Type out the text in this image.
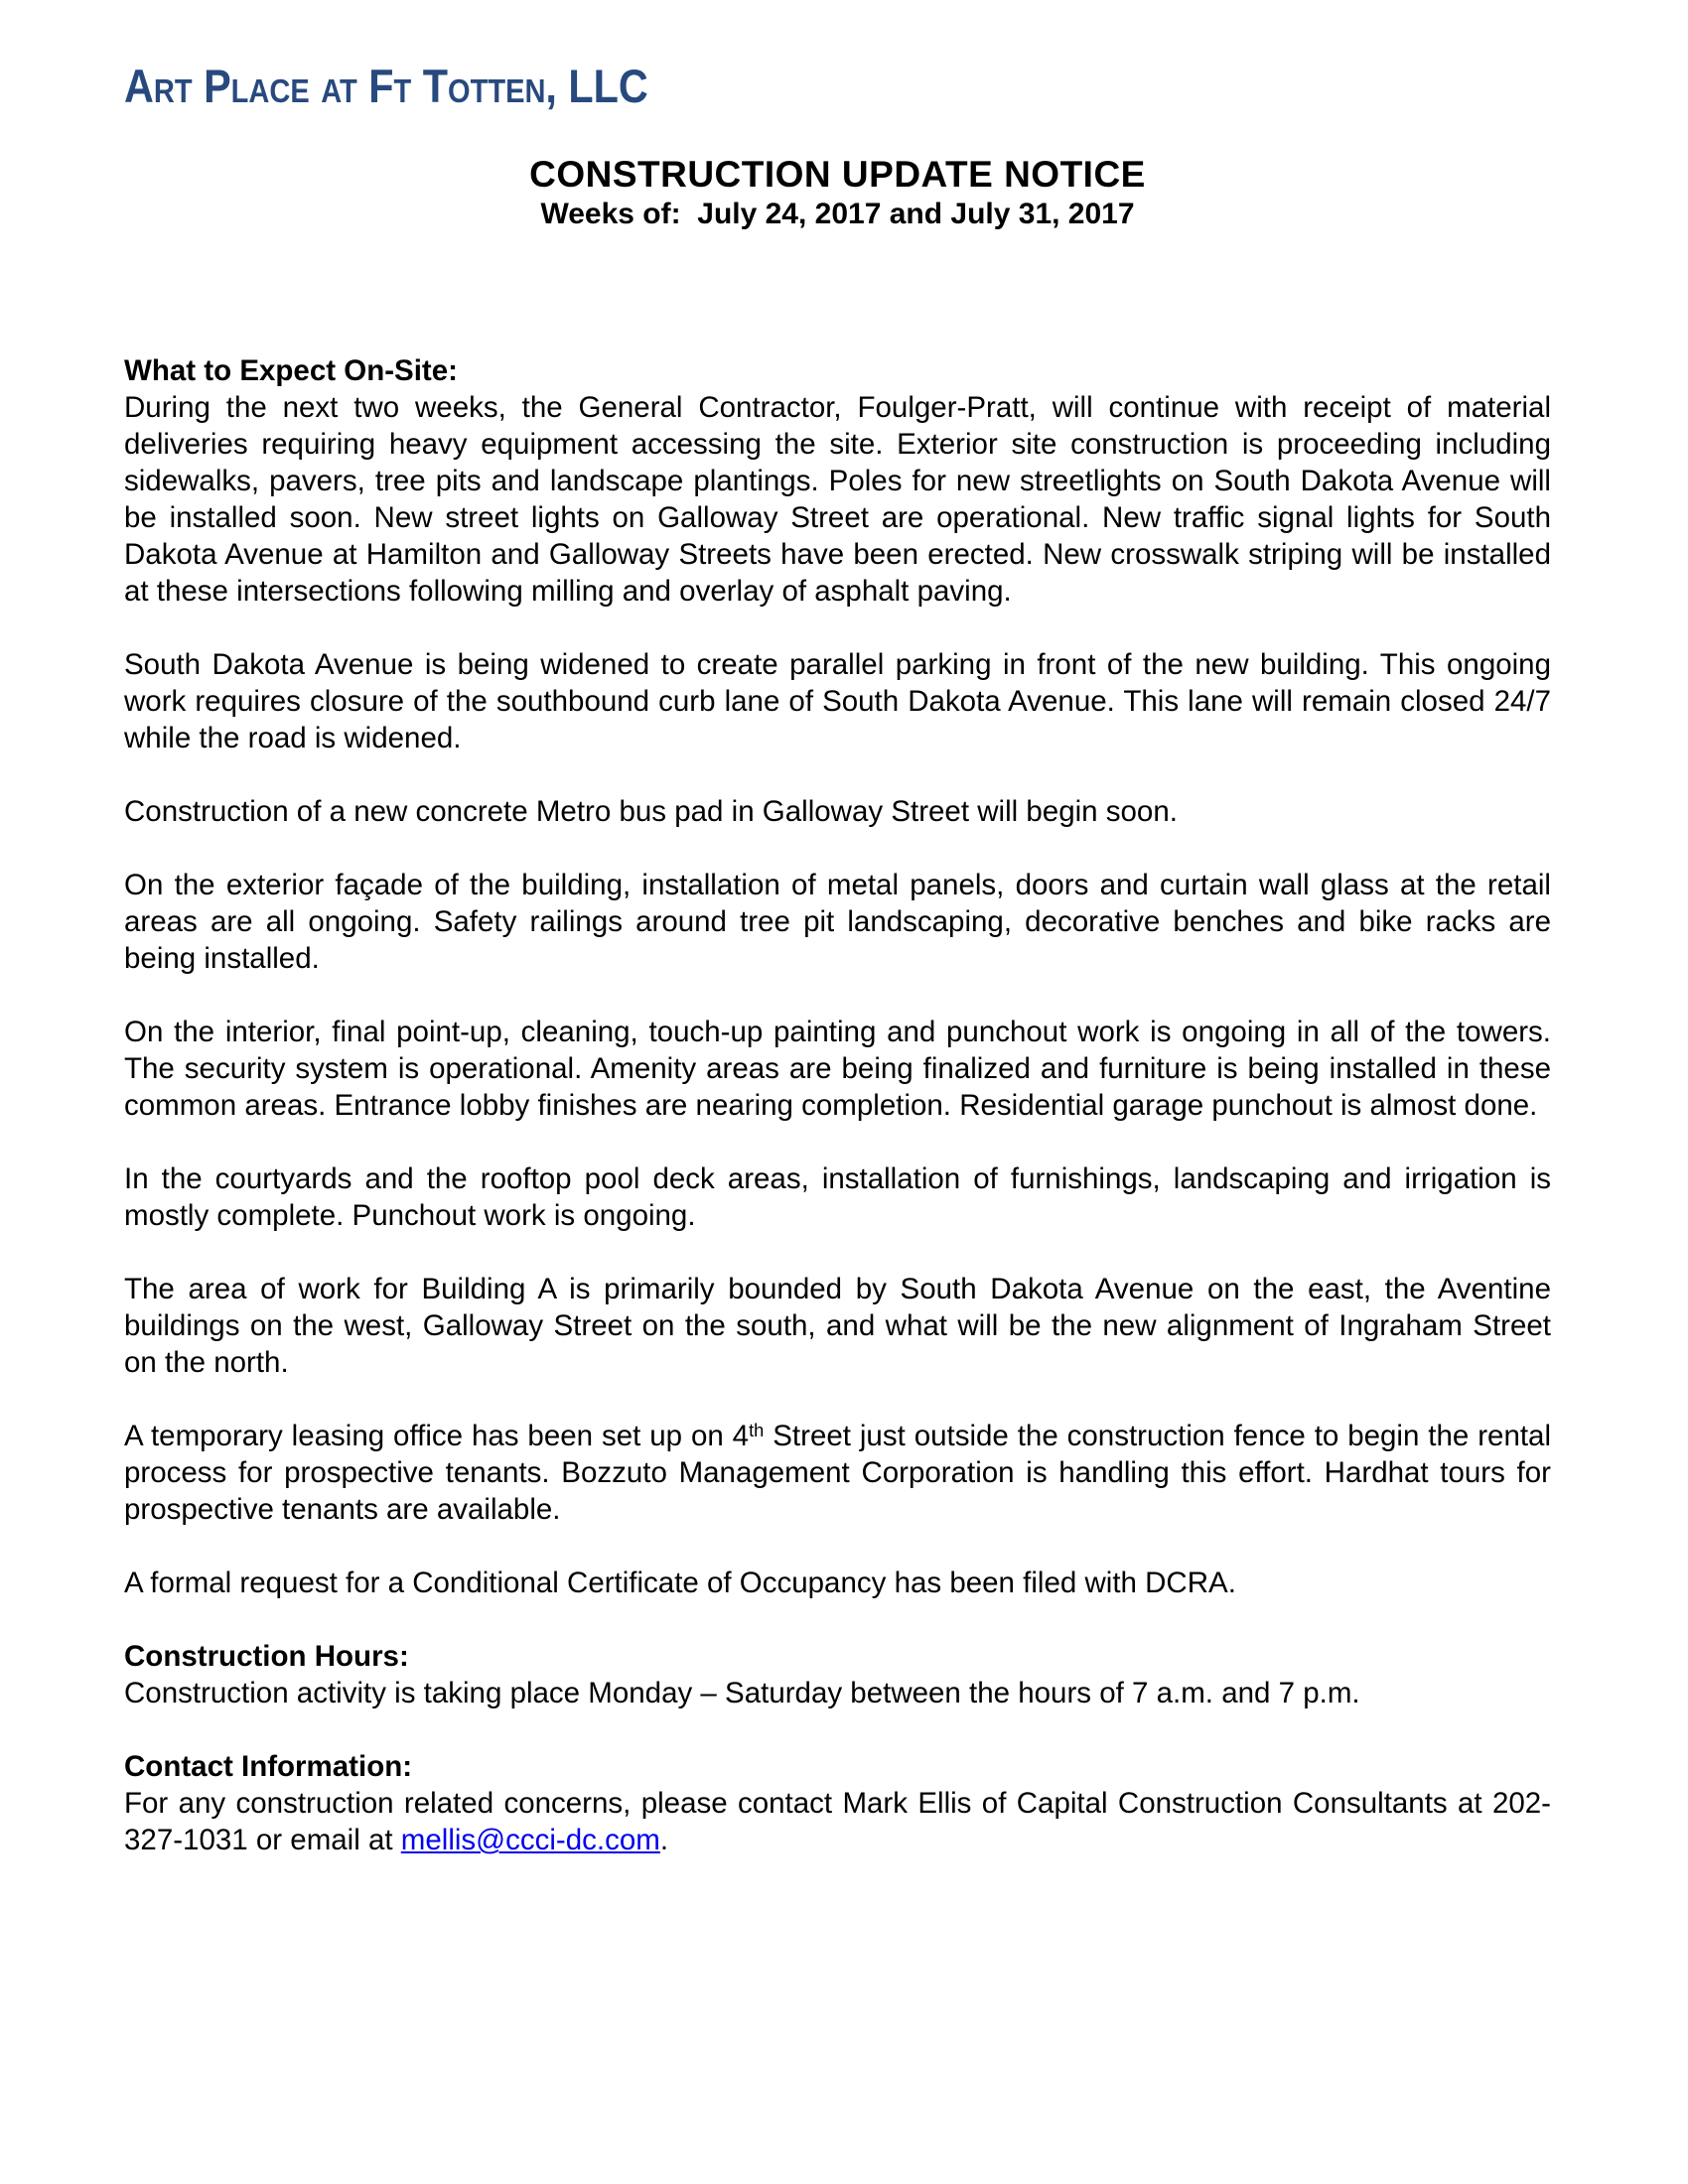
Art Place at Ft Totten, LLC
CONSTRUCTION UPDATE NOTICE
Weeks of:  July 24, 2017 and July 31, 2017
What to Expect On-Site:

During the next two weeks, the General Contractor, Foulger-Pratt, will continue with receipt of material deliveries requiring heavy equipment accessing the site. Exterior site construction is proceeding including sidewalks, pavers, tree pits and landscape plantings. Poles for new streetlights on South Dakota Avenue will be installed soon. New street lights on Galloway Street are operational. New traffic signal lights for South Dakota Avenue at Hamilton and Galloway Streets have been erected. New crosswalk striping will be installed at these intersections following milling and overlay of asphalt paving.

South Dakota Avenue is being widened to create parallel parking in front of the new building. This ongoing work requires closure of the southbound curb lane of South Dakota Avenue. This lane will remain closed 24/7 while the road is widened.

Construction of a new concrete Metro bus pad in Galloway Street will begin soon.

On the exterior façade of the building, installation of metal panels, doors and curtain wall glass at the retail areas are all ongoing. Safety railings around tree pit landscaping, decorative benches and bike racks are being installed.

On the interior, final point-up, cleaning, touch-up painting and punchout work is ongoing in all of the towers. The security system is operational. Amenity areas are being finalized and furniture is being installed in these common areas. Entrance lobby finishes are nearing completion. Residential garage punchout is almost done.

In the courtyards and the rooftop pool deck areas, installation of furnishings, landscaping and irrigation is mostly complete. Punchout work is ongoing.

The area of work for Building A is primarily bounded by South Dakota Avenue on the east, the Aventine buildings on the west, Galloway Street on the south, and what will be the new alignment of Ingraham Street on the north.

A temporary leasing office has been set up on 4th Street just outside the construction fence to begin the rental process for prospective tenants. Bozzuto Management Corporation is handling this effort. Hardhat tours for prospective tenants are available.

A formal request for a Conditional Certificate of Occupancy has been filed with DCRA.

Construction Hours:

Construction activity is taking place Monday – Saturday between the hours of 7 a.m. and 7 p.m.

Contact Information:

For any construction related concerns, please contact Mark Ellis of Capital Construction Consultants at 202-327-1031 or email at mellis@ccci-dc.com.
